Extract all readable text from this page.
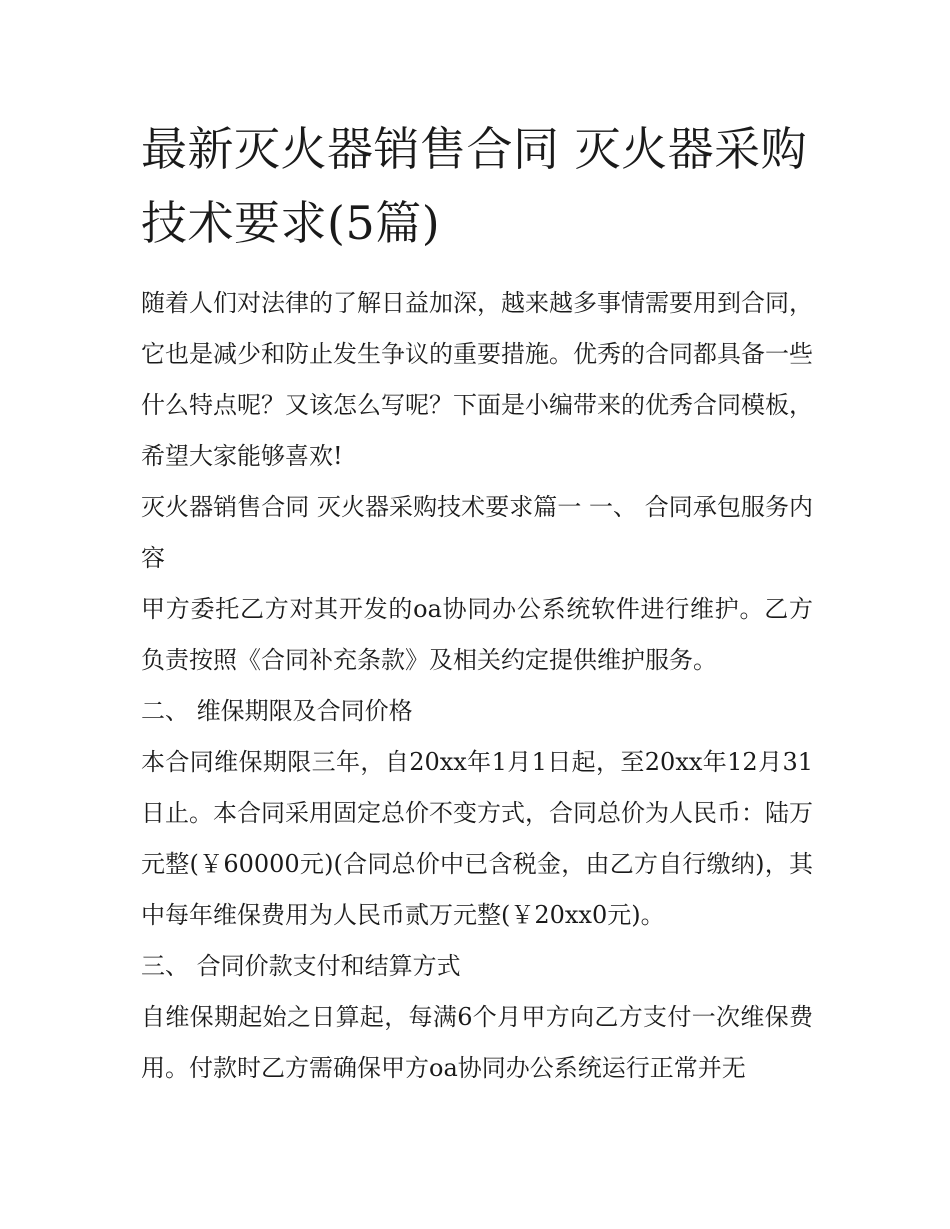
最新灭火器销售合同 灭火器采购技术要求(5篇)

随着人们对法律的了解日益加深，越来越多事情需要用到合同，它也是减少和防止发生争议的重要措施。优秀的合同都具备一些什么特点呢？又该怎么写呢？下面是小编带来的优秀合同模板，希望大家能够喜欢!

灭火器销售合同 灭火器采购技术要求篇一 一、 合同承包服务内容

甲方委托乙方对其开发的oa协同办公系统软件进行维护。乙方负责按照《合同补充条款》及相关约定提供维护服务。

二、 维保期限及合同价格

本合同维保期限三年，自20xx年1月1日起，至20xx年12月31日止。本合同采用固定总价不变方式，合同总价为人民币：陆万元整(￥60000元)(合同总价中已含税金，由乙方自行缴纳)，其中每年维保费用为人民币贰万元整(￥20xx0元)。

三、 合同价款支付和结算方式

自维保期起始之日算起，每满6个月甲方向乙方支付一次维保费用。付款时乙方需确保甲方oa协同办公系统运行正常并无
